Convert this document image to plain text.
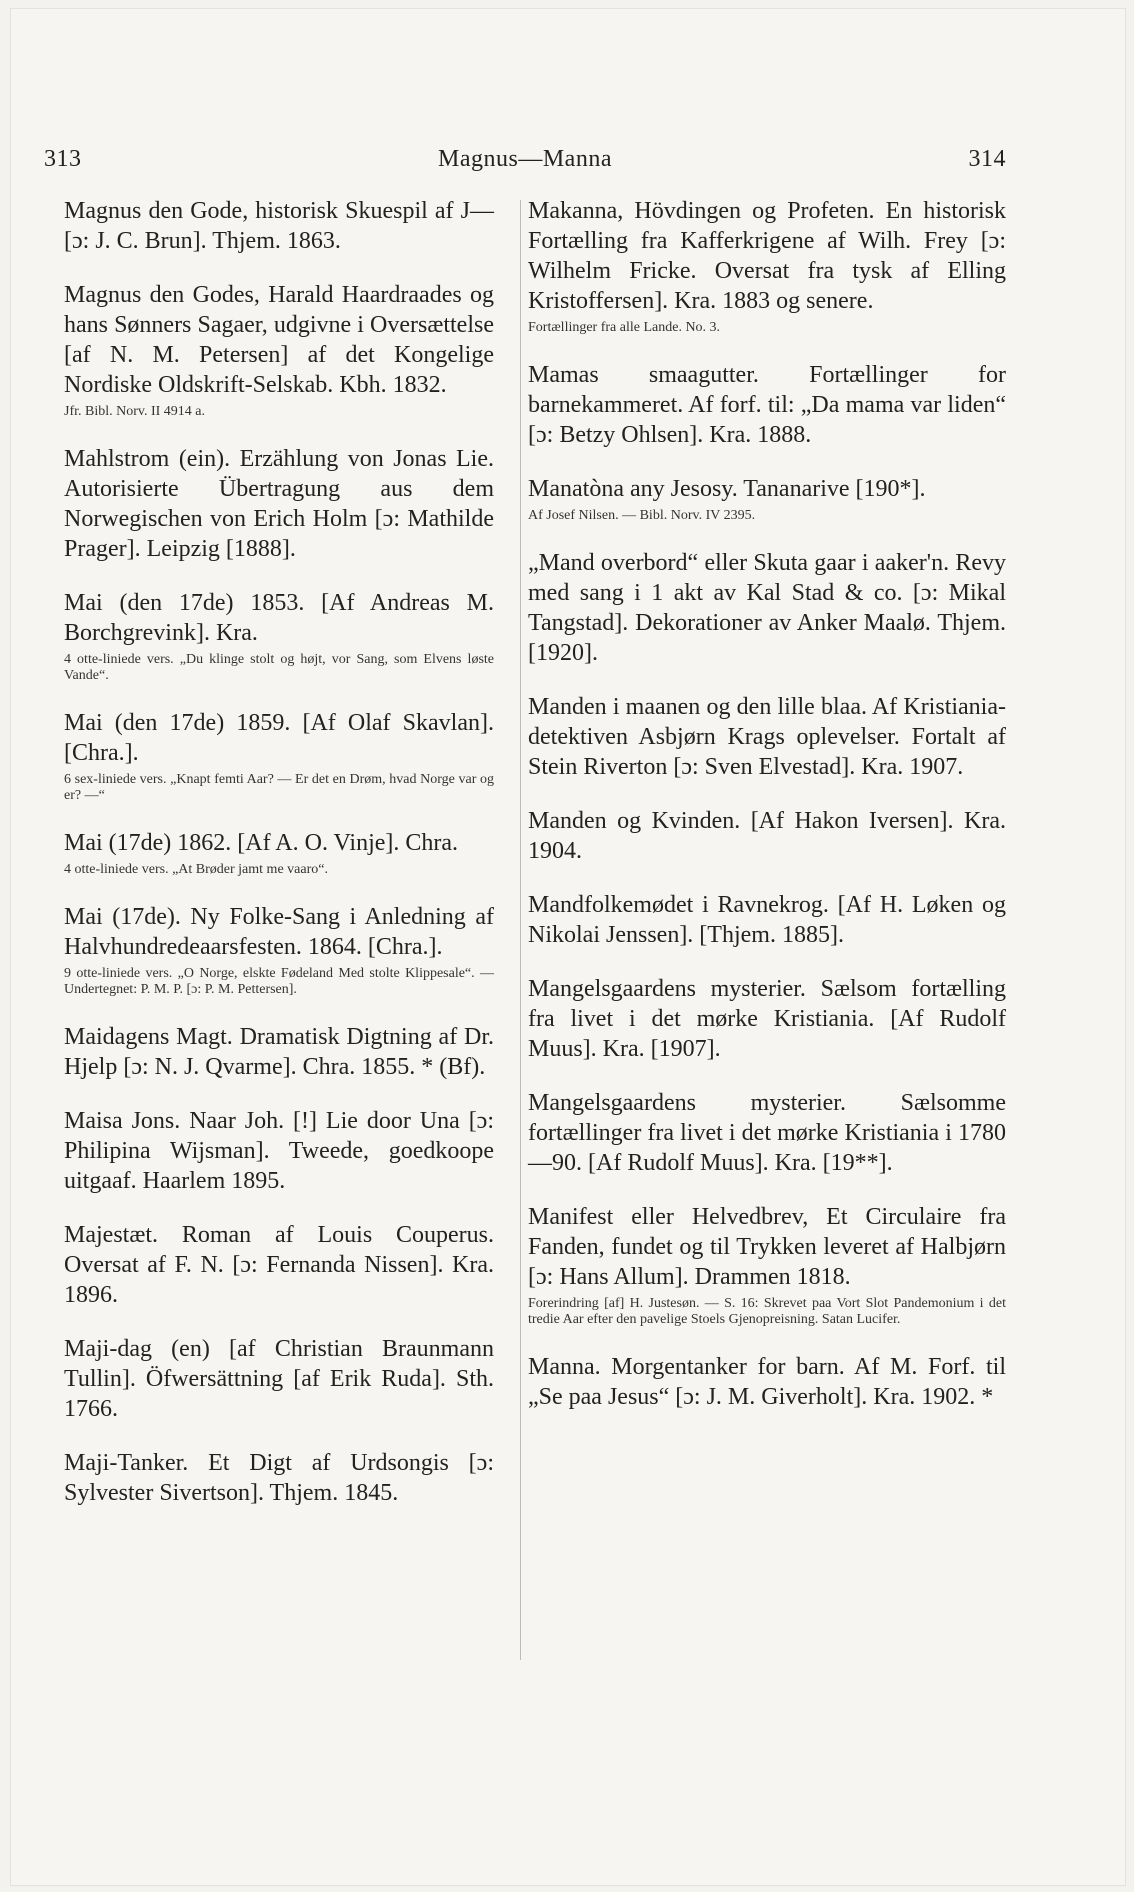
313	Magnus—Manna	314
Magnus den Gode, historisk Skuespil af J— [ɔ: J. C. Brun]. Thjem. 1863.
Magnus den Godes, Harald Haardraades og hans Sønners Sagaer, udgivne i Oversættelse [af N. M. Petersen] af det Kongelige Nordiske Oldskrift-Selskab. Kbh. 1832.
Jfr. Bibl. Norv. II 4914 a.
Mahlstrom (ein). Erzählung von Jonas Lie. Autorisierte Übertragung aus dem Norwegischen von Erich Holm [ɔ: Mathilde Prager]. Leipzig [1888].
Mai (den 17de) 1853. [Af Andreas M. Borchgrevink]. Kra.
4 otte-liniede vers. „Du klinge stolt og højt, vor Sang, som Elvens løste Vande“.
Mai (den 17de) 1859. [Af Olaf Skavlan]. [Chra.].
6 sex-liniede vers. „Knapt femti Aar? — Er det en Drøm, hvad Norge var og er? —“
Mai (17de) 1862. [Af A. O. Vinje]. Chra.
4 otte-liniede vers. „At Brøder jamt me vaaro“.
Mai (17de). Ny Folke-Sang i Anledning af Halvhundredeaarsfesten. 1864. [Chra.].
9 otte-liniede vers. „O Norge, elskte Fødeland Med stolte Klippesale“. — Undertegnet: P. M. P. [ɔ: P. M. Pettersen].
Maidagens Magt. Dramatisk Digtning af Dr. Hjelp [ɔ: N. J. Qvarme]. Chra. 1855. * (Bf).
Maisa Jons. Naar Joh. [!] Lie door Una [ɔ: Philipina Wijsman]. Tweede, goedkoope uitgaaf. Haarlem 1895.
Majestæt. Roman af Louis Couperus. Oversat af F. N. [ɔ: Fernanda Nissen]. Kra. 1896.
Maji-dag (en) [af Christian Braunmann Tullin]. Öfwersättning [af Erik Ruda]. Sth. 1766.
Maji-Tanker. Et Digt af Urdsongis [ɔ: Sylvester Sivertson]. Thjem. 1845.
Makanna, Hövdingen og Profeten. En historisk Fortælling fra Kafferkrigene af Wilh. Frey [ɔ: Wilhelm Fricke. Oversat fra tysk af Elling Kristoffersen]. Kra. 1883 og senere.
Fortællinger fra alle Lande. No. 3.
Mamas smaagutter. Fortællinger for barnekammeret. Af forf. til: „Da mama var liden“ [ɔ: Betzy Ohlsen]. Kra. 1888.
Manatòna any Jesosy. Tananarive [190*].
Af Josef Nilsen. — Bibl. Norv. IV 2395.
„Mand overbord“ eller Skuta gaar i aaker'n. Revy med sang i 1 akt av Kal Stad & co. [ɔ: Mikal Tangstad]. Dekorationer av Anker Maalø. Thjem. [1920].
Manden i maanen og den lille blaa. Af Kristiania-detektiven Asbjørn Krags oplevelser. Fortalt af Stein Riverton [ɔ: Sven Elvestad]. Kra. 1907.
Manden og Kvinden. [Af Hakon Iversen]. Kra. 1904.
Mandfolkemødet i Ravnekrog. [Af H. Løken og Nikolai Jenssen]. [Thjem. 1885].
Mangelsgaardens mysterier. Sælsom fortælling fra livet i det mørke Kristiania. [Af Rudolf Muus]. Kra. [1907].
Mangelsgaardens mysterier. Sælsomme fortællinger fra livet i det mørke Kristiania i 1780—90. [Af Rudolf Muus]. Kra. [19**].
Manifest eller Helvedbrev, Et Circulaire fra Fanden, fundet og til Trykken leveret af Halbjørn [ɔ: Hans Allum]. Drammen 1818.
Forerindring [af] H. Justesøn. — S. 16: Skrevet paa Vort Slot Pandemonium i det tredie Aar efter den pavelige Stoels Gjenopreisning. Satan Lucifer.
Manna. Morgentanker for barn. Af M. Forf. til „Se paa Jesus“ [ɔ: J. M. Giverholt]. Kra. 1902. *
